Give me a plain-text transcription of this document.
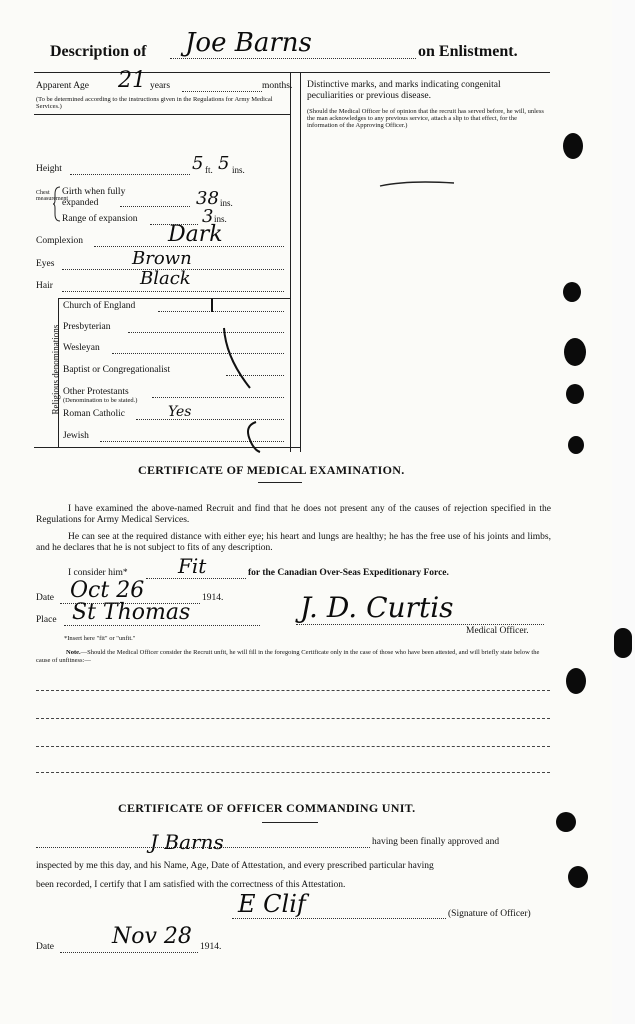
Description of Joe Barns	on Enlistment.
Apparent Age 21 years	months.
(To be determined according to the instructions given in the Regulations for Army Medical Services.)
Distinctive marks, and marks indicating congenital peculiarities or previous disease.
(Should the Medical Officer be of opinion that the recruit has served before, he will, unless the man acknowledges to any previous service, attach a slip to that effect, for the information of the Approving Officer.)
Height	5 ft. 5 ins.
Chest measurement
Girth when fully expanded	38 ins.
Range of expansion	3 ins.
Complexion	Dark
Eyes	Brown
Hair	Black
Religious denominations
Church of England
Presbyterian
Wesleyan
Baptist or Congregationalist
Other Protestants
(Denomination to be stated.)
Roman Catholic	Yes
Jewish
CERTIFICATE OF MEDICAL EXAMINATION.

I have examined the above-named Recruit and find that he does not present any of the causes of rejection specified in the Regulations for Army Medical Services.

He can see at the required distance with either eye; his heart and lungs are healthy; he has the free use of his joints and limbs, and he declares that he is not subject to fits of any description.

I consider him*	Fit	for the Canadian Over-Seas Expeditionary Force.
Date Oct 26	1914.
Place St Thomas	J. D. Curtis
Medical Officer.
*Insert here "fit" or "unfit."
Note.—Should the Medical Officer consider the Recruit unfit, he will fill in the foregoing Certificate only in the case of those who have been attested, and will briefly state below the cause of unfitness:—
CERTIFICATE OF OFFICER COMMANDING UNIT.
J Barns	having been finally approved and
inspected by me this day, and his Name, Age, Date of Attestation, and every prescribed particular having
been recorded, I certify that I am satisfied with the correctness of this Attestation.
E Clif	(Signature of Officer)
Date	Nov 28 1914.
